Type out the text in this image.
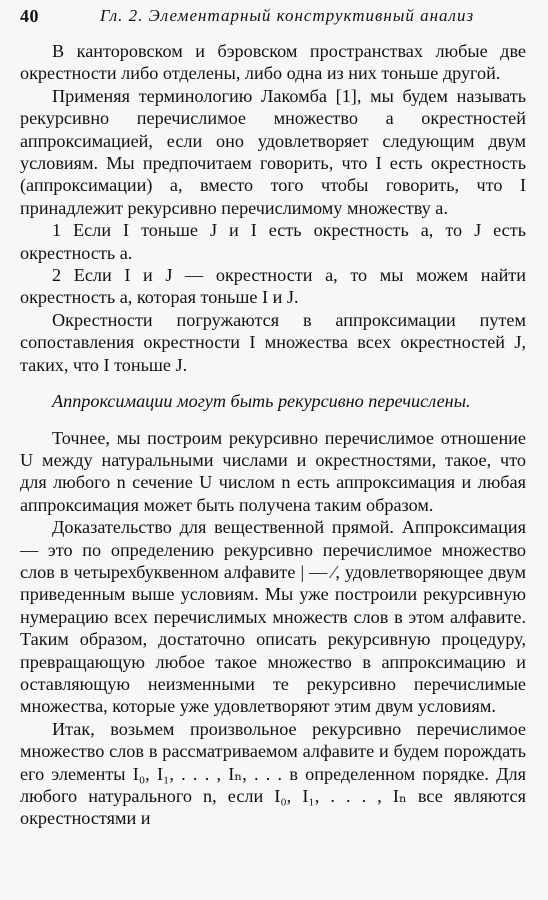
40	Гл. 2. Элементарный конструктивный анализ

В канторовском и бэровском пространствах любые две окрестности либо отделены, либо одна из них тоньше другой.

Применяя терминологию Лакомба [1], мы будем называть рекурсивно перечислимое множество a окрестностей аппроксимацией, если оно удовлетворяет следующим двум условиям. Мы предпочитаем говорить, что I есть окрестность (аппроксимации) a, вместо того чтобы говорить, что I принадлежит рекурсивно перечислимому множеству a.

1 Если I тоньше J и I есть окрестность a, то J есть окрестность a.

2 Если I и J — окрестности a, то мы можем найти окрестность a, которая тоньше I и J.

Окрестности погружаются в аппроксимации путем сопоставления окрестности I множества всех окрестностей J, таких, что I тоньше J.

Аппроксимации могут быть рекурсивно перечислены.

Точнее, мы построим рекурсивно перечислимое отношение U между натуральными числами и окрестностями, такое, что для любого n сечение U числом n есть аппроксимация и любая аппроксимация может быть получена таким образом.

Доказательство для вещественной прямой. Аппроксимация — это по определению рекурсивно перечислимое множество слов в четырехбуквенном алфавите | — ⁄, удовлетворяющее двум приведенным выше условиям. Мы уже построили рекурсивную нумерацию всех перечислимых множеств слов в этом алфавите. Таким образом, достаточно описать рекурсивную процедуру, превращающую любое такое множество в аппроксимацию и оставляющую неизменными те рекурсивно перечислимые множества, которые уже удовлетворяют этим двум условиям.

Итак, возьмем произвольное рекурсивно перечислимое множество слов в рассматриваемом алфавите и будем порождать его элементы I₀, I₁, . . . , Iₙ, . . . в определенном порядке. Для любого натурального n, если I₀, I₁, . . . , Iₙ все являются окрестностями и
